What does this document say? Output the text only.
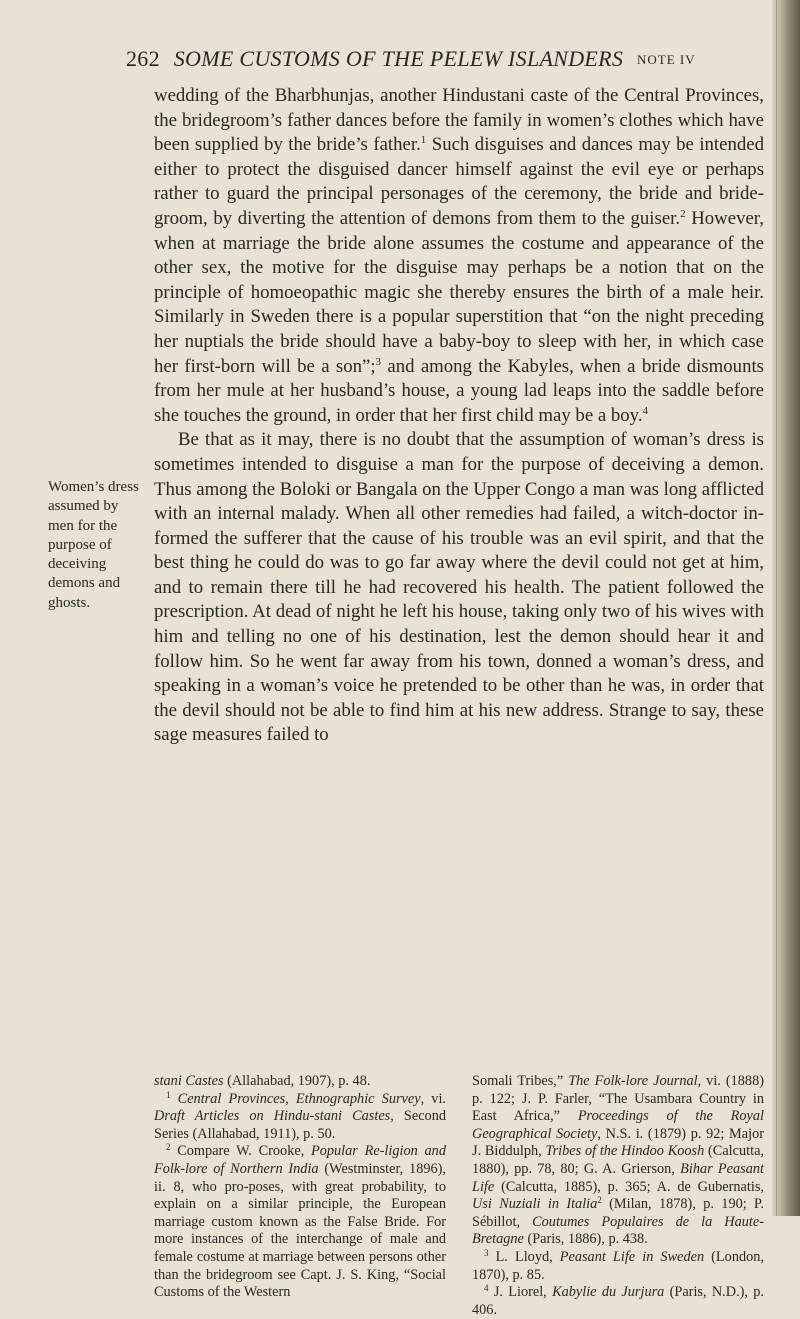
262 SOME CUSTOMS OF THE PELEW ISLANDERS NOTE IV

wedding of the Bharbhunjas, another Hindustani caste of the Central Provinces, the bridegroom’s father dances before the family in women’s clothes which have been supplied by the bride’s father.$^1$ Such disguises and dances may be intended either to protect the disguised dancer himself against the evil eye or perhaps rather to guard the principal personages of the ceremony, the bride and bride-groom, by diverting the attention of demons from them to the guiser.$^2$ However, when at marriage the bride alone assumes the costume and appearance of the other sex, the motive for the disguise may perhaps be a notion that on the principle of homoeopathic magic she thereby ensures the birth of a male heir. Similarly in Sweden there is a popular superstition that “on the night preceding her nuptials the bride should have a baby-boy to sleep with her, in which case her first-born will be a son”;$^3$ and among the Kabyles, when a bride dismounts from her mule at her husband’s house, a young lad leaps into the saddle before she touches the ground, in order that her first child may be a boy.$^4$

Be that as it may, there is no doubt that the assumption of woman’s dress is sometimes intended to disguise a man for the purpose of deceiving a demon. Thus among the Boloki or Bangala on the Upper Congo a man was long afflicted with an internal malady. When all other remedies had failed, a witch-doctor in-formed the sufferer that the cause of his trouble was an evil spirit, and that the best thing he could do was to go far away where the devil could not get at him, and to remain there till he had recovered his health. The patient followed the prescription. At dead of night he left his house, taking only two of his wives with him and telling no one of his destination, lest the demon should hear it and follow him. So he went far away from his town, donned a woman’s dress, and speaking in a woman’s voice he pretended to be other than he was, in order that the devil should not be able to find him at his new address. Strange to say, these sage measures failed to

Women’s dress assumed by men for the purpose of deceiving demons and ghosts.

stani Castes (Allahabad, 1907), p. 48.

$^1$ Central Provinces, Ethnographic Survey, vi. Draft Articles on Hindu-stani Castes, Second Series (Allahabad, 1911), p. 50.

$^2$ Compare W. Crooke, Popular Re-ligion and Folk-lore of Northern India (Westminster, 1896), ii. 8, who pro-poses, with great probability, to explain on a similar principle, the European marriage custom known as the False Bride. For more instances of the interchange of male and female costume at marriage between persons other than the bridegroom see Capt. J. S. King, “Social Customs of the Western

Somali Tribes,” The Folk-lore Journal, vi. (1888) p. 122; J. P. Farler, “The Usambara Country in East Africa,” Proceedings of the Royal Geographical Society, N.S. i. (1879) p. 92; Major J. Biddulph, Tribes of the Hindoo Koosh (Calcutta, 1880), pp. 78, 80; G. A. Grierson, Bihar Peasant Life (Calcutta, 1885), p. 365; A. de Gubernatis, Usi Nuziali in Italia$^2$ (Milan, 1878), p. 190; P. Sébillot, Coutumes Populaires de la Haute-Bretagne (Paris, 1886), p. 438.

$^3$ L. Lloyd, Peasant Life in Sweden (London, 1870), p. 85.

$^4$ J. Liorel, Kabylie du Jurjura (Paris, N.D.), p. 406.
